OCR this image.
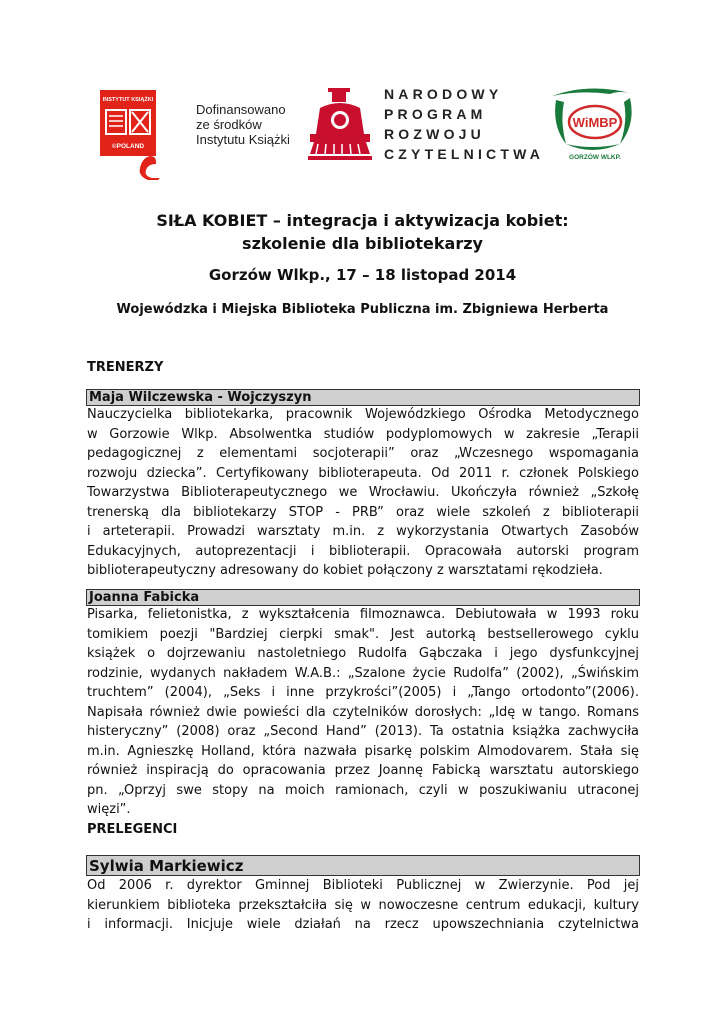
INSTYTUT KSIĄŻKI
©POLAND
Dofinansowano
ze środków
Instytutu Książki
NARODOWY
PROGRAM
ROZWOJU
CZYTELNICTWA
WiMBP
GORZÓW WLKP.
SIŁA KOBIET – integracja i aktywizacja kobiet:
szkolenie dla bibliotekarzy
Gorzów Wlkp., 17 – 18 listopad 2014
Wojewódzka i Miejska Biblioteka Publiczna im. Zbigniewa Herberta
TRENERZY
Maja Wilczewska - Wojczyszyn
Nauczycielka bibliotekarka, pracownik Wojewódzkiego Ośrodka Metodycznego
w Gorzowie Wlkp. Absolwentka studiów podyplomowych w zakresie „Terapii
pedagogicznej z elementami socjoterapii” oraz „Wczesnego wspomagania
rozwoju dziecka”. Certyfikowany biblioterapeuta. Od 2011 r. członek Polskiego
Towarzystwa Biblioterapeutycznego we Wrocławiu. Ukończyła również „Szkołę
trenerską dla bibliotekarzy STOP - PRB” oraz wiele szkoleń z biblioterapii
i arteterapii. Prowadzi warsztaty m.in. z wykorzystania Otwartych Zasobów
Edukacyjnych, autoprezentacji i biblioterapii. Opracowała autorski program
biblioterapeutyczny adresowany do kobiet połączony z warsztatami rękodzieła.
Joanna Fabicka
Pisarka, felietonistka, z wykształcenia filmoznawca. Debiutowała w 1993 roku
tomikiem poezji "Bardziej cierpki smak". Jest autorką bestsellerowego cyklu
książek o dojrzewaniu nastoletniego Rudolfa Gąbczaka i jego dysfunkcyjnej
rodzinie, wydanych nakładem W.A.B.: „Szalone życie Rudolfa” (2002), „Świńskim
truchtem” (2004), „Seks i inne przykrości”(2005) i „Tango ortodonto”(2006).
Napisała również dwie powieści dla czytelników dorosłych: „Idę w tango. Romans
histeryczny” (2008) oraz „Second Hand” (2013). Ta ostatnia książka zachwyciła
m.in. Agnieszkę Holland, która nazwała pisarkę polskim Almodovarem. Stała się
również inspiracją do opracowania przez Joannę Fabicką warsztatu autorskiego
pn. „Oprzyj swe stopy na moich ramionach, czyli w poszukiwaniu utraconej
więzi”.
PRELEGENCI
Sylwia Markiewicz
Od 2006 r. dyrektor Gminnej Biblioteki Publicznej w Zwierzynie. Pod jej
kierunkiem biblioteka przekształciła się w nowoczesne centrum edukacji, kultury
i informacji. Inicjuje wiele działań na rzecz upowszechniania czytelnictwa
